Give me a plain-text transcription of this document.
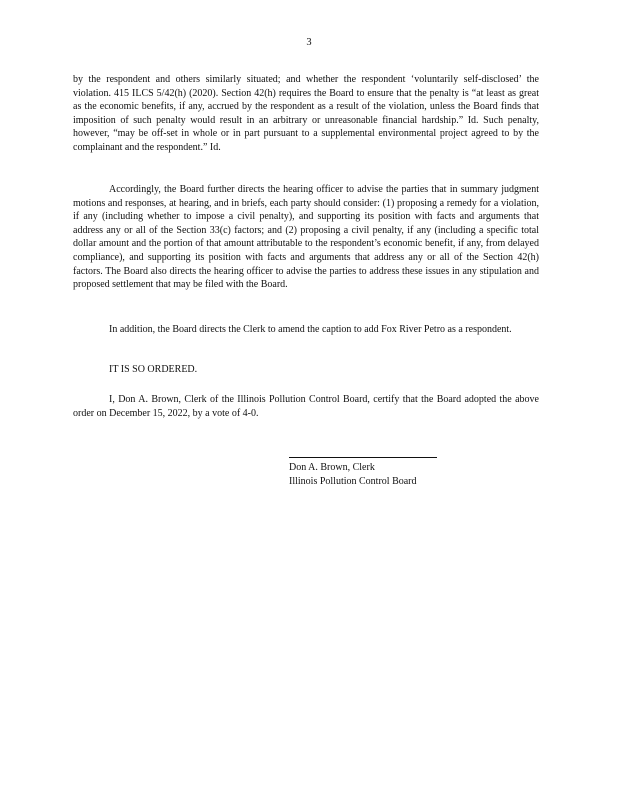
3

by the respondent and others similarly situated; and whether the respondent ‘voluntarily self-disclosed’ the violation. 415 ILCS 5/42(h) (2020). Section 42(h) requires the Board to ensure that the penalty is “at least as great as the economic benefits, if any, accrued by the respondent as a result of the violation, unless the Board finds that imposition of such penalty would result in an arbitrary or unreasonable financial hardship.” Id. Such penalty, however, “may be off-set in whole or in part pursuant to a supplemental environmental project agreed to by the complainant and the respondent.” Id.

Accordingly, the Board further directs the hearing officer to advise the parties that in summary judgment motions and responses, at hearing, and in briefs, each party should consider: (1) proposing a remedy for a violation, if any (including whether to impose a civil penalty), and supporting its position with facts and arguments that address any or all of the Section 33(c) factors; and (2) proposing a civil penalty, if any (including a specific total dollar amount and the portion of that amount attributable to the respondent’s economic benefit, if any, from delayed compliance), and supporting its position with facts and arguments that address any or all of the Section 42(h) factors. The Board also directs the hearing officer to advise the parties to address these issues in any stipulation and proposed settlement that may be filed with the Board.

In addition, the Board directs the Clerk to amend the caption to add Fox River Petro as a respondent.

IT IS SO ORDERED.

I, Don A. Brown, Clerk of the Illinois Pollution Control Board, certify that the Board adopted the above order on December 15, 2022, by a vote of 4-0.

Don A. Brown, Clerk
Illinois Pollution Control Board
